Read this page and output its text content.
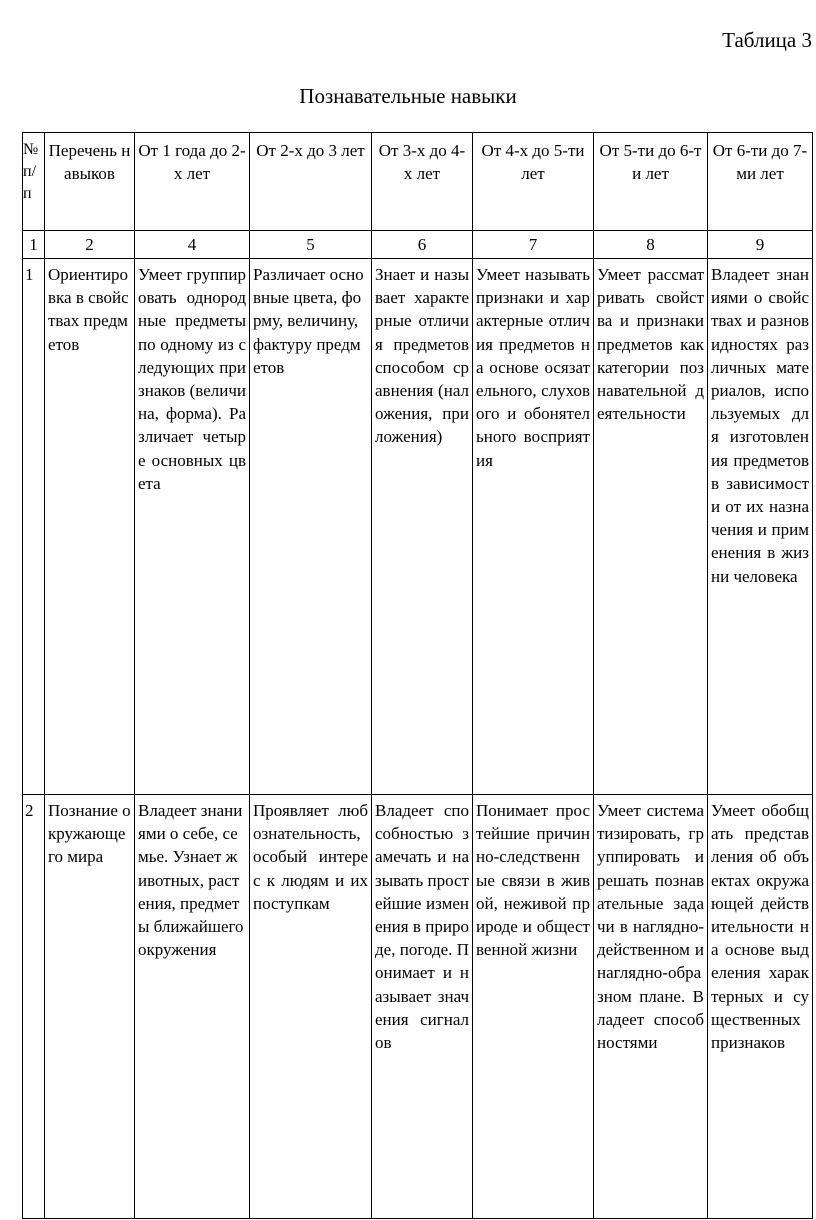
Таблица 3
Познавательные навыки
№ п/п	Перечень навыков	От 1 года до 2-х лет	От 2-х до 3 лет	От 3-х до 4-х лет	От 4-х до 5-ти лет	От 5-ти до 6-ти лет	От 6-ти до 7-ми лет
1	2	4	5	6	7	8	9
1	Ориентировка в свойствах предметов	Умеет группировать однородные предметы по одному из следующих признаков (величина, форма). Различает четыре основных цвета	Различает основные цвета, форму, величину, фактуру предметов	Знает и называет характерные отличия предметов способом сравнения (наложения, приложения)	Умеет называть признаки и характерные отличия предметов на основе осязательного, слухового и обонятельного восприятия	Умеет рассматривать свойства и признаки предметов как категории познавательной деятельности	Владеет знаниями о свойствах и разновидностях различных материалов, используемых для изготовления предметов в зависимости от их назначения и применения в жизни человека
2	Познание окружающего мира	Владеет знаниями о себе, семье. Узнает животных, растения, предметы ближайшего окружения	Проявляет любознательность,особый интерес к людям и их поступкам	Владеет способностью замечать и называть простейшие изменения в природе, погоде. Понимает и называет значения сигналов	Понимает простейшие причинно-следственные связи в живой, неживой природе и общественной жизни	Умеет систематизировать, группировать и решать познавательные задачи в наглядно-действенном и наглядно-образном плане. Владеет способностями	Умеет обобщать представления об объектах окружающей действительности на основе выделения характерных и существенных признаков
